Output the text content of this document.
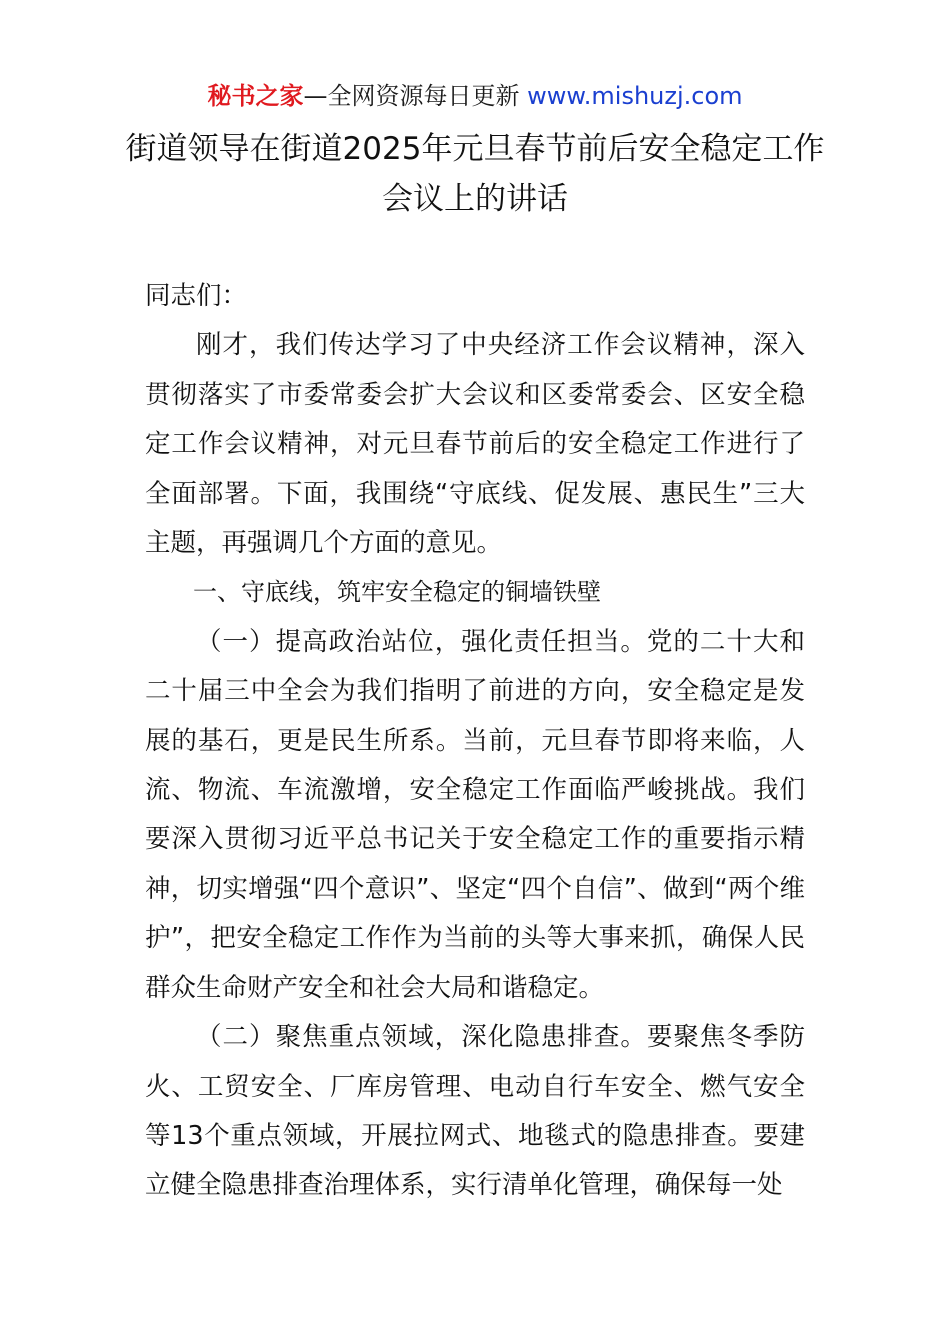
秘书之家—全网资源每日更新 www.mishuzj.com
街道领导在街道2025年元旦春节前后安全稳定工作会议上的讲话

同志们：

刚才，我们传达学习了中央经济工作会议精神，深入贯彻落实了市委常委会扩大会议和区委常委会、区安全稳定工作会议精神，对元旦春节前后的安全稳定工作进行了全面部署。下面，我围绕“守底线、促发展、惠民生”三大主题，再强调几个方面的意见。

一、守底线，筑牢安全稳定的铜墙铁壁

（一）提高政治站位，强化责任担当。党的二十大和二十届三中全会为我们指明了前进的方向，安全稳定是发展的基石，更是民生所系。当前，元旦春节即将来临，人流、物流、车流激增，安全稳定工作面临严峻挑战。我们要深入贯彻习近平总书记关于安全稳定工作的重要指示精神，切实增强“四个意识”、坚定“四个自信”、做到“两个维护”，把安全稳定工作作为当前的头等大事来抓，确保人民群众生命财产安全和社会大局和谐稳定。

（二）聚焦重点领域，深化隐患排查。要聚焦冬季防火、工贸安全、厂库房管理、电动自行车安全、燃气安全等13个重点领域，开展拉网式、地毯式的隐患排查。要建立健全隐患排查治理体系，实行清单化管理，确保每一处
